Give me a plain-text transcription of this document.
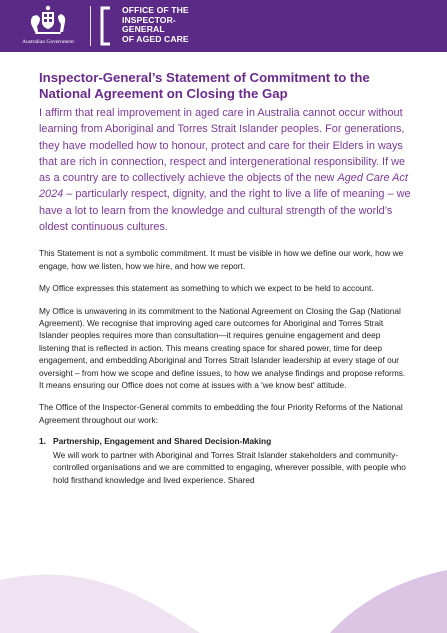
Australian Government
OFFICE OF THE
INSPECTOR-
GENERAL
OF AGED CARE
Inspector-General’s Statement of Commitment to the National Agreement on Closing the Gap

I affirm that real improvement in aged care in Australia cannot occur without learning from Aboriginal and Torres Strait Islander peoples. For generations, they have modelled how to honour, protect and care for their Elders in ways that are rich in connection, respect and intergenerational responsibility. If we as a country are to collectively achieve the objects of the new Aged Care Act 2024 – particularly respect, dignity, and the right to live a life of meaning – we have a lot to learn from the knowledge and cultural strength of the world’s oldest continuous cultures.

This Statement is not a symbolic commitment. It must be visible in how we define our work, how we engage, how we listen, how we hire, and how we report.

My Office expresses this statement as something to which we expect to be held to account.

My Office is unwavering in its commitment to the National Agreement on Closing the Gap (National Agreement). We recognise that improving aged care outcomes for Aboriginal and Torres Strait Islander peoples requires more than consultation—it requires genuine engagement and deep listening that is reflected in action. This means creating space for shared power, time for deep engagement, and embedding Aboriginal and Torres Strait Islander leadership at every stage of our oversight – from how we scope and define issues, to how we analyse findings and propose reforms. It means ensuring our Office does not come at issues with a 'we know best' attitude.

The Office of the Inspector-General commits to embedding the four Priority Reforms of the National Agreement throughout our work:

1. Partnership, Engagement and Shared Decision-Making
We will work to partner with Aboriginal and Torres Strait Islander stakeholders and community-controlled organisations and we are committed to engaging, wherever possible, with people who hold firsthand knowledge and lived experience. Shared
